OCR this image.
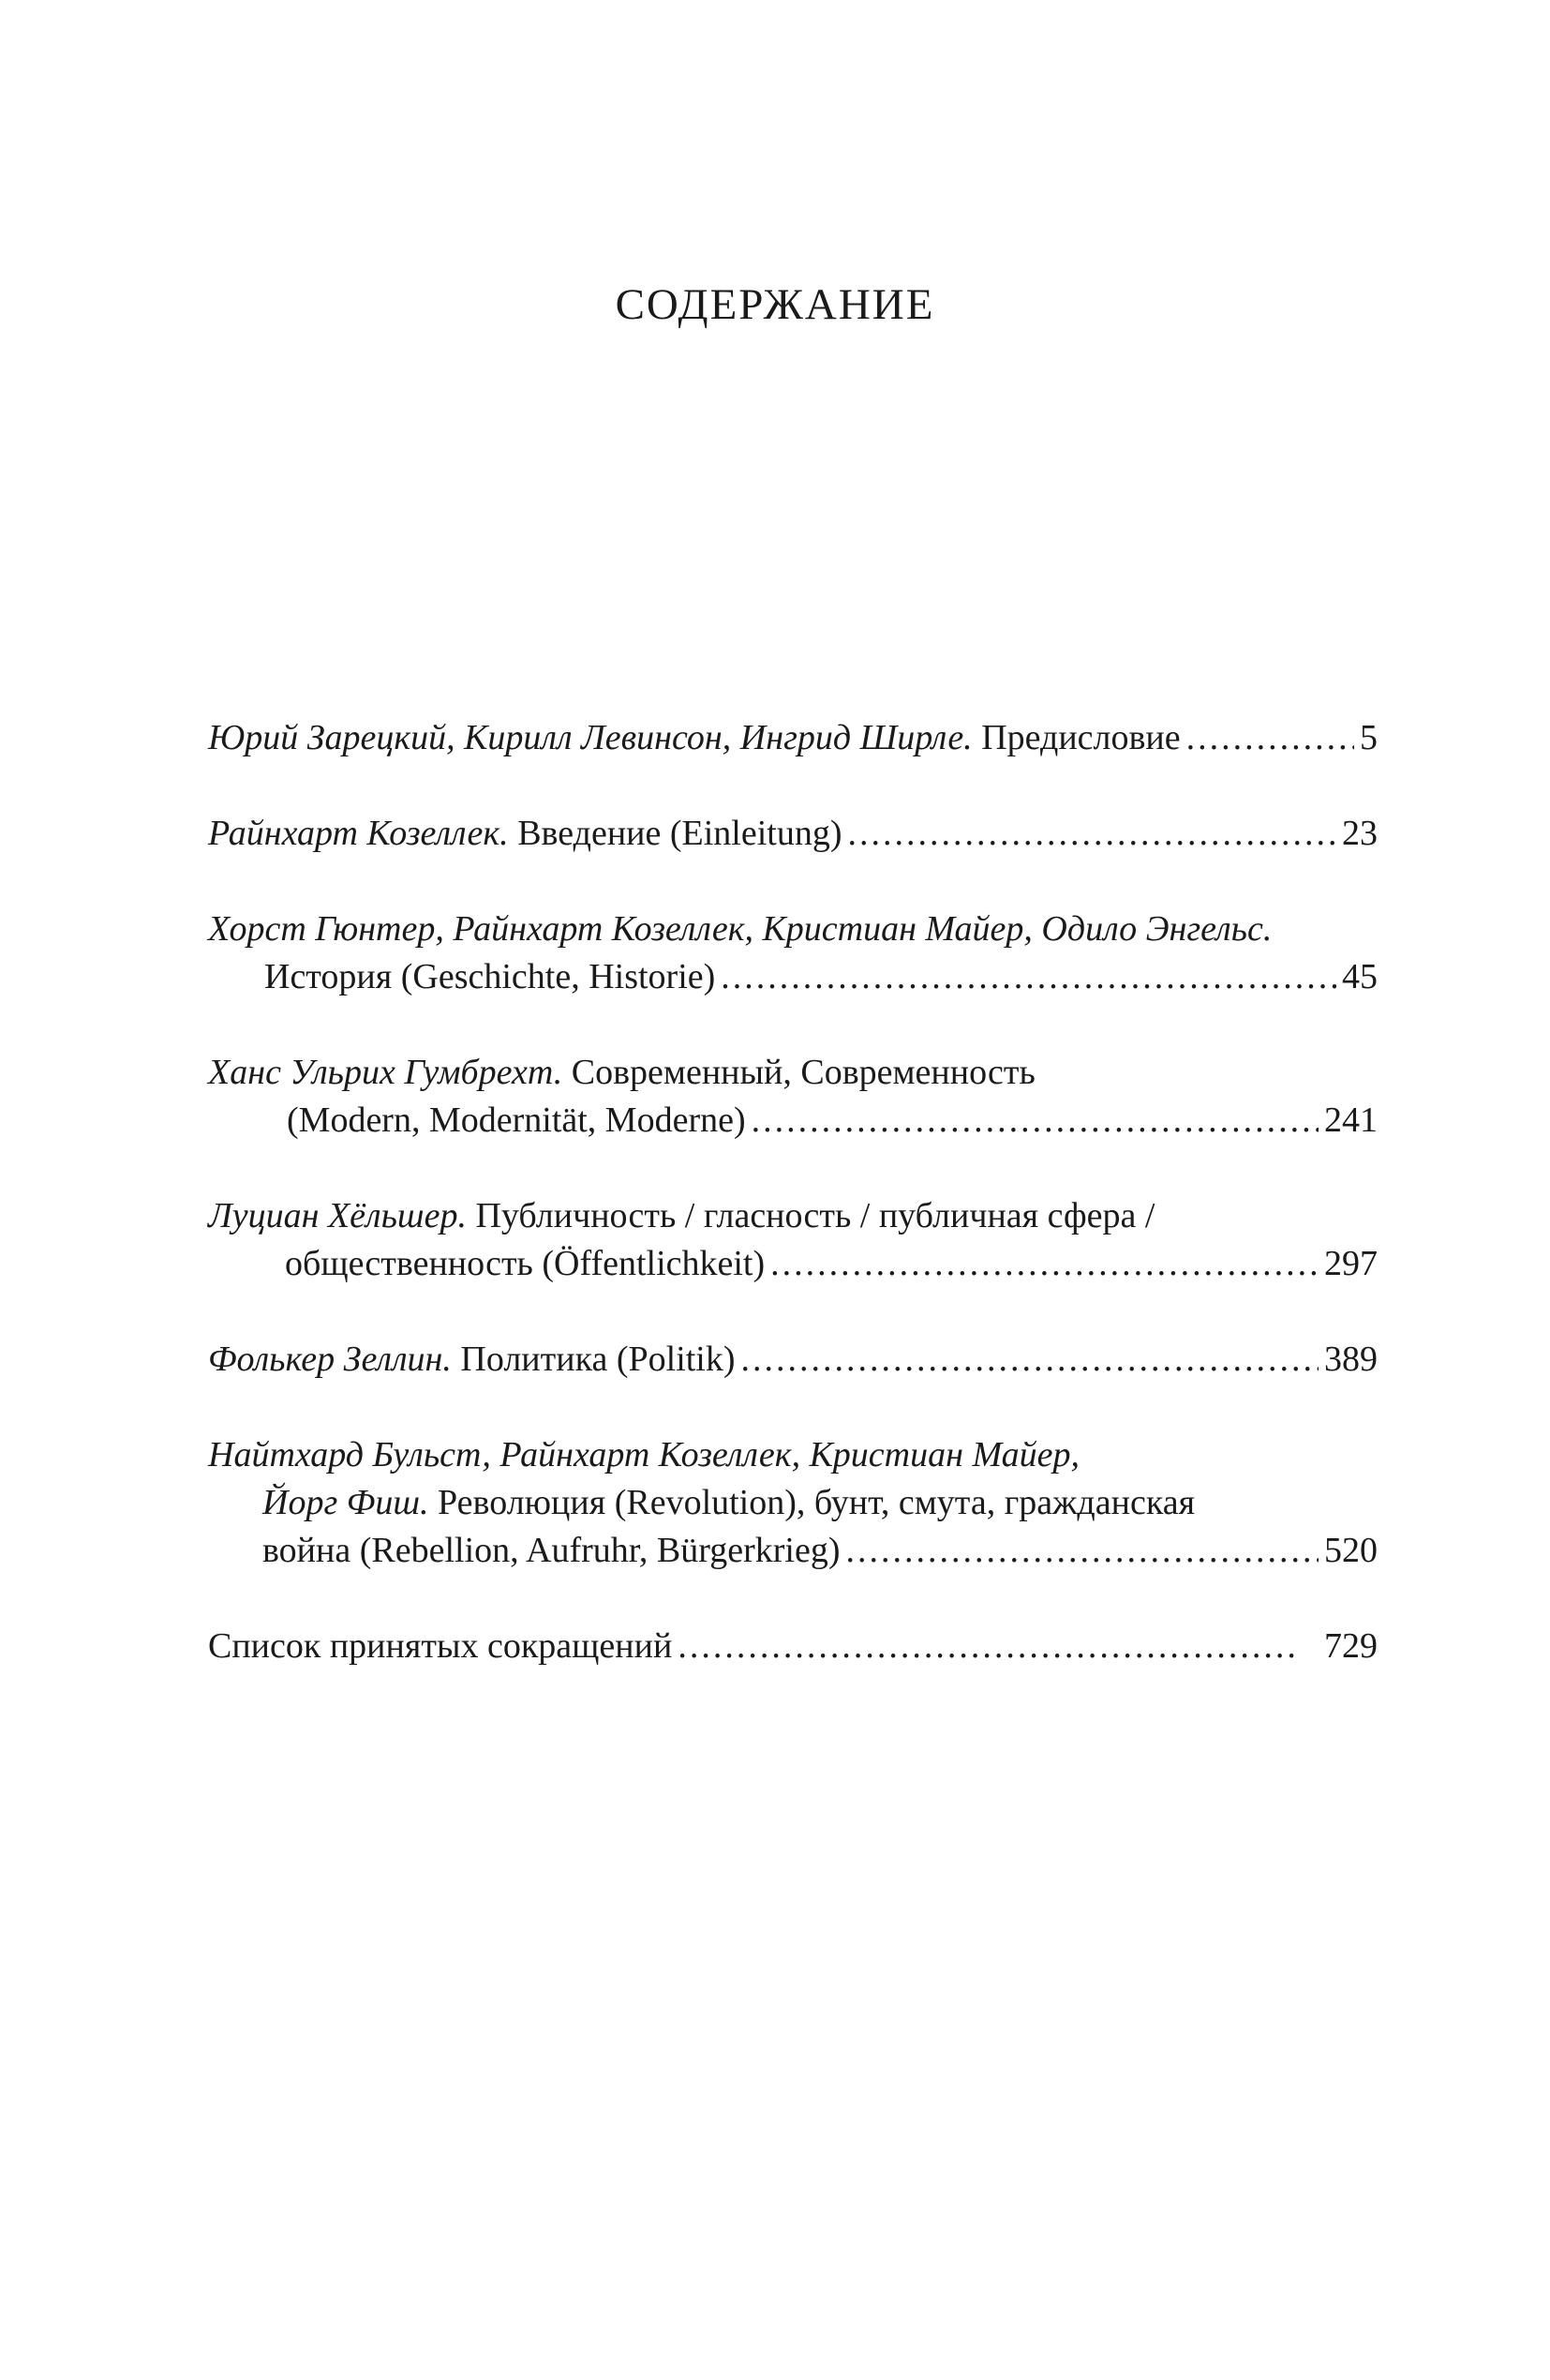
СОДЕРЖАНИЕ
Юрий Зарецкий, Кирилл Левинсон, Ингрид Ширле. Предисловие .....	5
Райнхарт Козеллек. Введение (Einleitung) .....	23
Хорст Гюнтер, Райнхарт Козеллек, Кристиан Майер, Одило Энгельс.
История (Geschichte, Historie) .....	45
Ханс Ульрих Гумбрехт. Современный, Современность
(Modern, Modernität, Moderne) .....	241
Луциан Хёльшер. Публичность / гласность / публичная сфера /
общественность (Öffentlichkeit) .....	297
Фолькер Зеллин. Политика (Politik) .....	389
Найтхард Бульст, Райнхарт Козеллек, Кристиан Майер,
Йорг Фиш. Революция (Revolution), бунт, смута, гражданская
война (Rebellion, Aufruhr, Bürgerkrieg) .....	520
Список принятых сокращений .....	729
